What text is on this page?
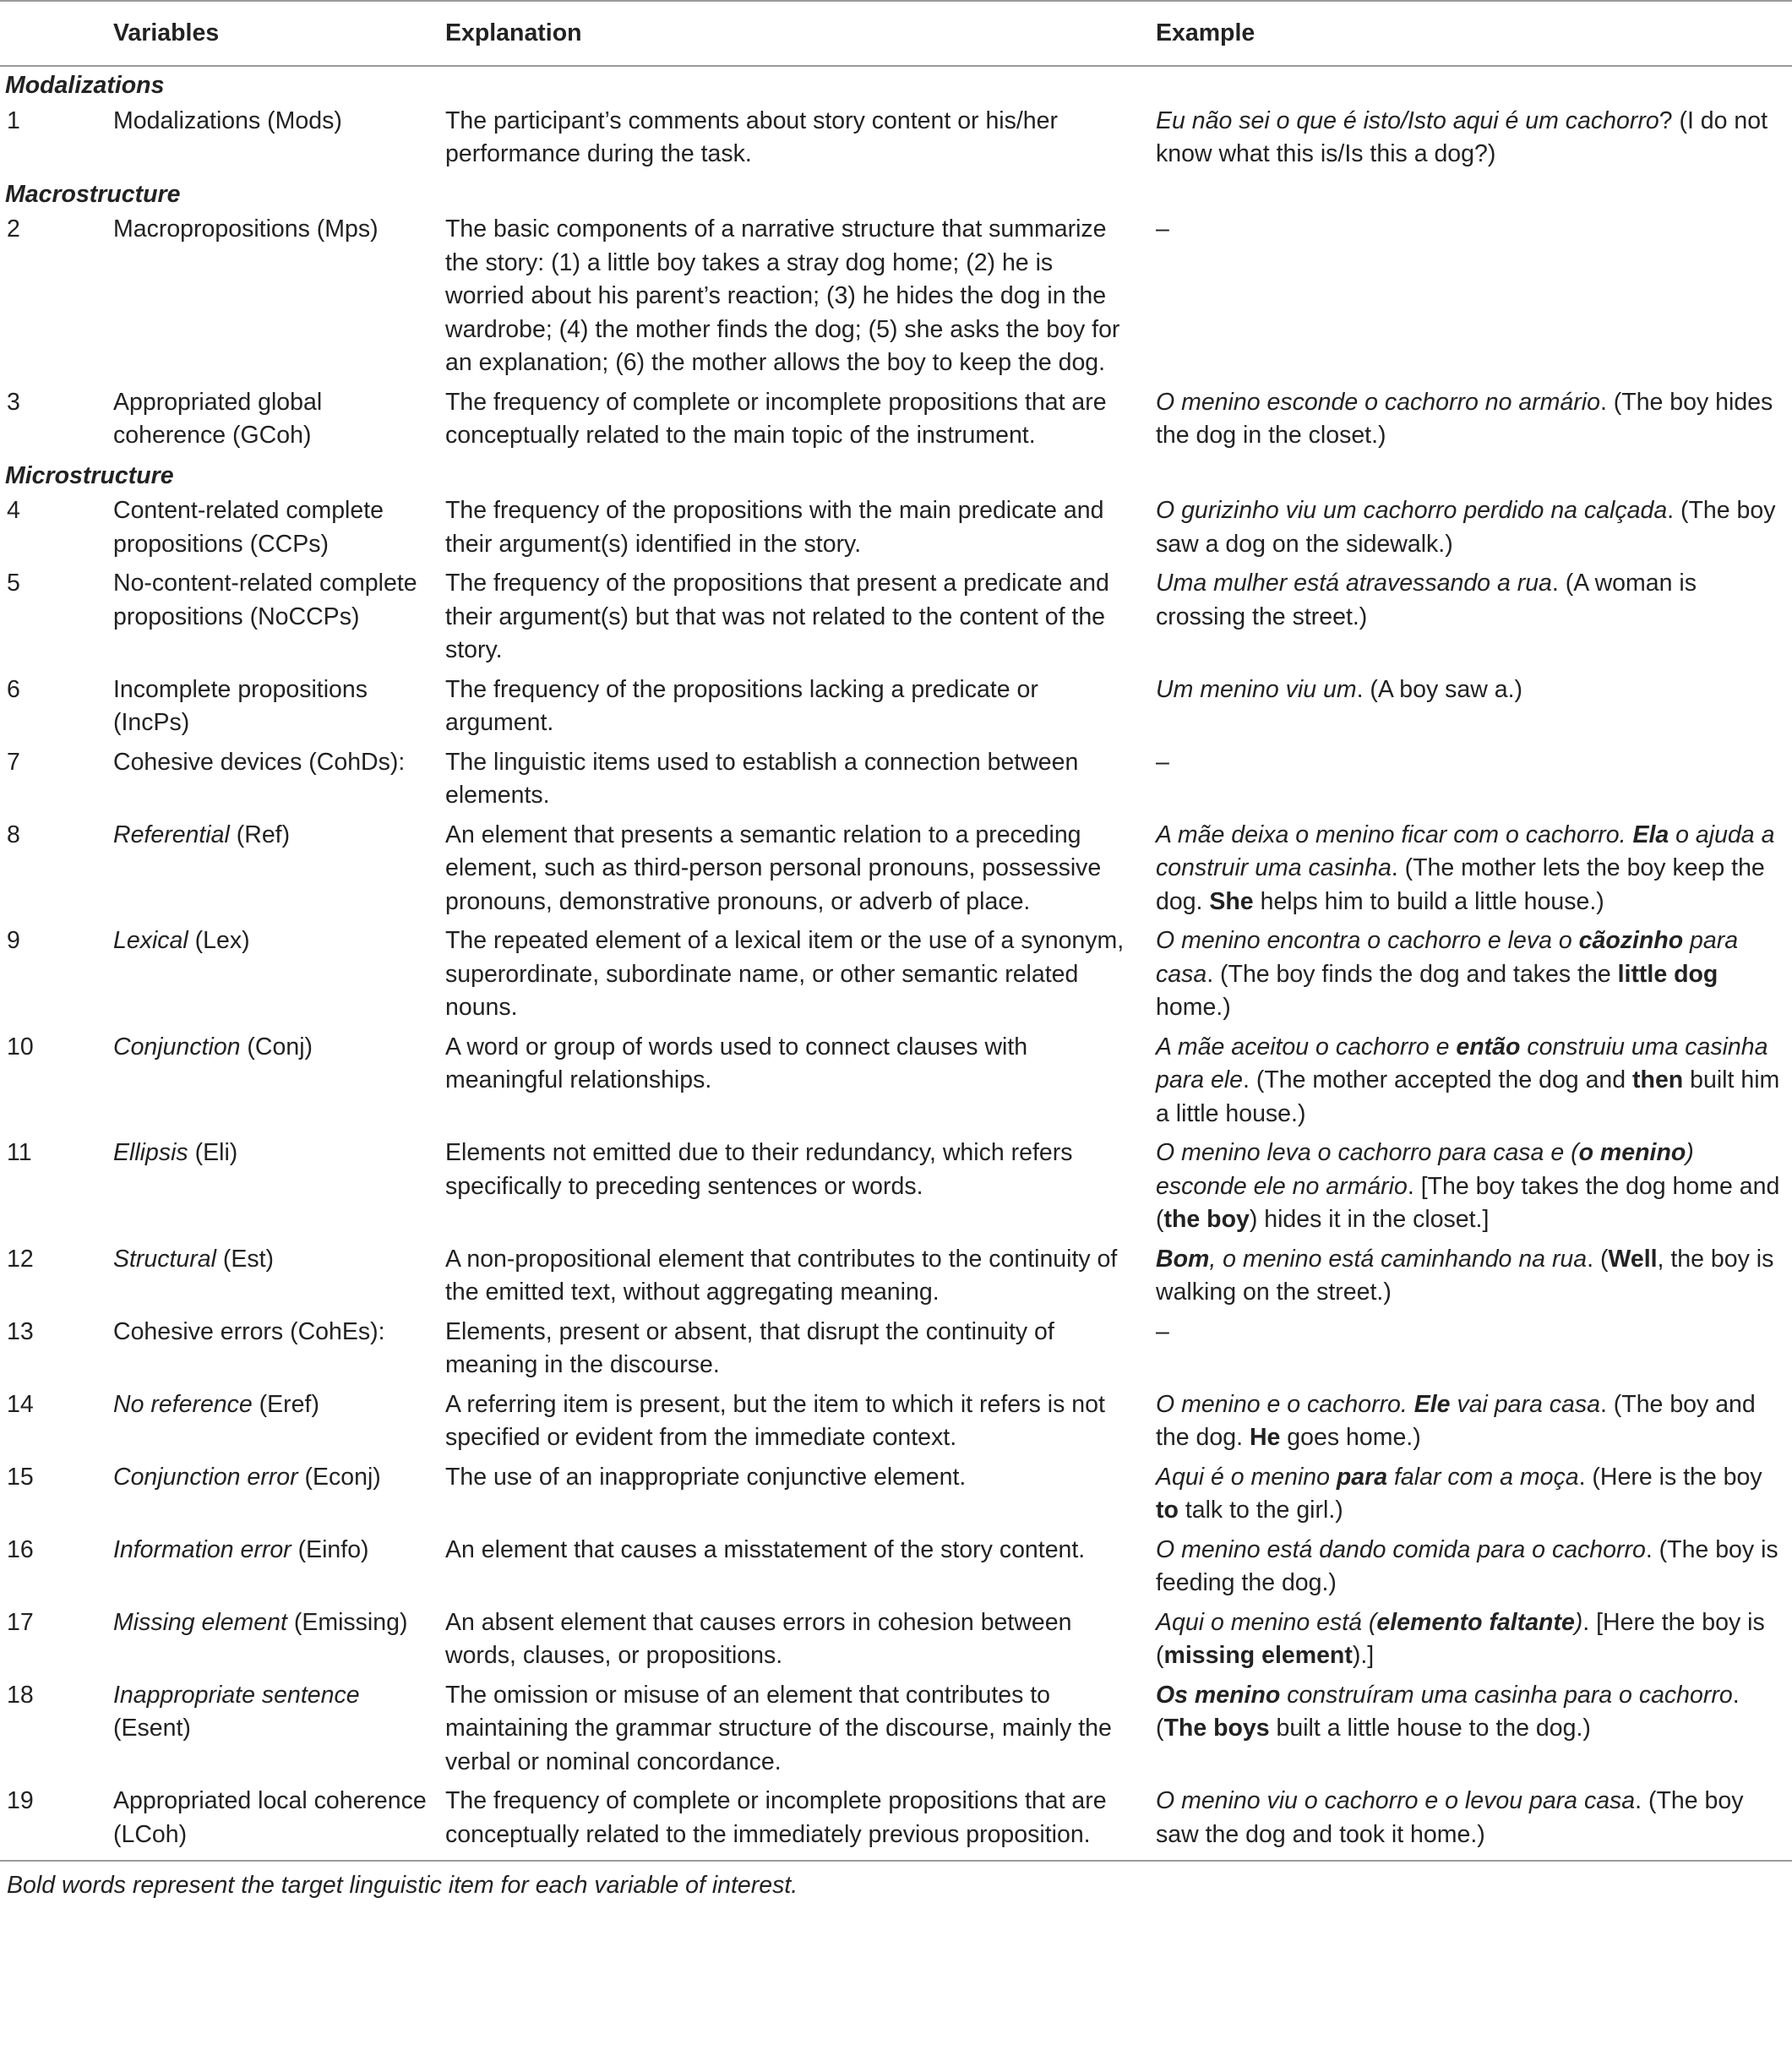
	Variables	Explanation	Example
Modalizations			
1	Modalizations (Mods)	The participant’s comments about story content or his/her performance during the task.	Eu não sei o que é isto/Isto aqui é um cachorro? (I do not know what this is/Is this a dog?)
Macrostructure			
2	Macropropositions (Mps)	The basic components of a narrative structure that summarize the story: (1) a little boy takes a stray dog home; (2) he is worried about his parent’s reaction; (3) he hides the dog in the wardrobe; (4) the mother finds the dog; (5) she asks the boy for an explanation; (6) the mother allows the boy to keep the dog.	–
3	Appropriated global coherence (GCoh)	The frequency of complete or incomplete propositions that are conceptually related to the main topic of the instrument.	O menino esconde o cachorro no armário. (The boy hides the dog in the closet.)
Microstructure			
4	Content-related complete propositions (CCPs)	The frequency of the propositions with the main predicate and their argument(s) identified in the story.	O gurizinho viu um cachorro perdido na calçada. (The boy saw a dog on the sidewalk.)
5	No-content-related complete propositions (NoCCPs)	The frequency of the propositions that present a predicate and their argument(s) but that was not related to the content of the story.	Uma mulher está atravessando a rua. (A woman is crossing the street.)
6	Incomplete propositions (IncPs)	The frequency of the propositions lacking a predicate or argument.	Um menino viu um. (A boy saw a.)
7	Cohesive devices (CohDs):	The linguistic items used to establish a connection between elements.	–
8	Referential (Ref)	An element that presents a semantic relation to a preceding element, such as third-person personal pronouns, possessive pronouns, demonstrative pronouns, or adverb of place.	A mãe deixa o menino ficar com o cachorro. Ela o ajuda a construir uma casinha. (The mother lets the boy keep the dog. She helps him to build a little house.)
9	Lexical (Lex)	The repeated element of a lexical item or the use of a synonym, superordinate, subordinate name, or other semantic related nouns.	O menino encontra o cachorro e leva o cãozinho para casa. (The boy finds the dog and takes the little dog home.)
10	Conjunction (Conj)	A word or group of words used to connect clauses with meaningful relationships.	A mãe aceitou o cachorro e então construiu uma casinha para ele. (The mother accepted the dog and then built him a little house.)
11	Ellipsis (Eli)	Elements not emitted due to their redundancy, which refers specifically to preceding sentences or words.	O menino leva o cachorro para casa e (o menino) esconde ele no armário. [The boy takes the dog home and (the boy) hides it in the closet.]
12	Structural (Est)	A non-propositional element that contributes to the continuity of the emitted text, without aggregating meaning.	Bom, o menino está caminhando na rua. (Well, the boy is walking on the street.)
13	Cohesive errors (CohEs):	Elements, present or absent, that disrupt the continuity of meaning in the discourse.	–
14	No reference (Eref)	A referring item is present, but the item to which it refers is not specified or evident from the immediate context.	O menino e o cachorro. Ele vai para casa. (The boy and the dog. He goes home.)
15	Conjunction error (Econj)	The use of an inappropriate conjunctive element.	Aqui é o menino para falar com a moça. (Here is the boy to talk to the girl.)
16	Information error (Einfo)	An element that causes a misstatement of the story content.	O menino está dando comida para o cachorro. (The boy is feeding the dog.)
17	Missing element (Emissing)	An absent element that causes errors in cohesion between words, clauses, or propositions.	Aqui o menino está (elemento faltante). [Here the boy is (missing element).]
18	Inappropriate sentence (Esent)	The omission or misuse of an element that contributes to maintaining the grammar structure of the discourse, mainly the verbal or nominal concordance.	Os menino construíram uma casinha para o cachorro. (The boys built a little house to the dog.)
19	Appropriated local coherence (LCoh)	The frequency of complete or incomplete propositions that are conceptually related to the immediately previous proposition.	O menino viu o cachorro e o levou para casa. (The boy saw the dog and took it home.)
Bold words represent the target linguistic item for each variable of interest.			
